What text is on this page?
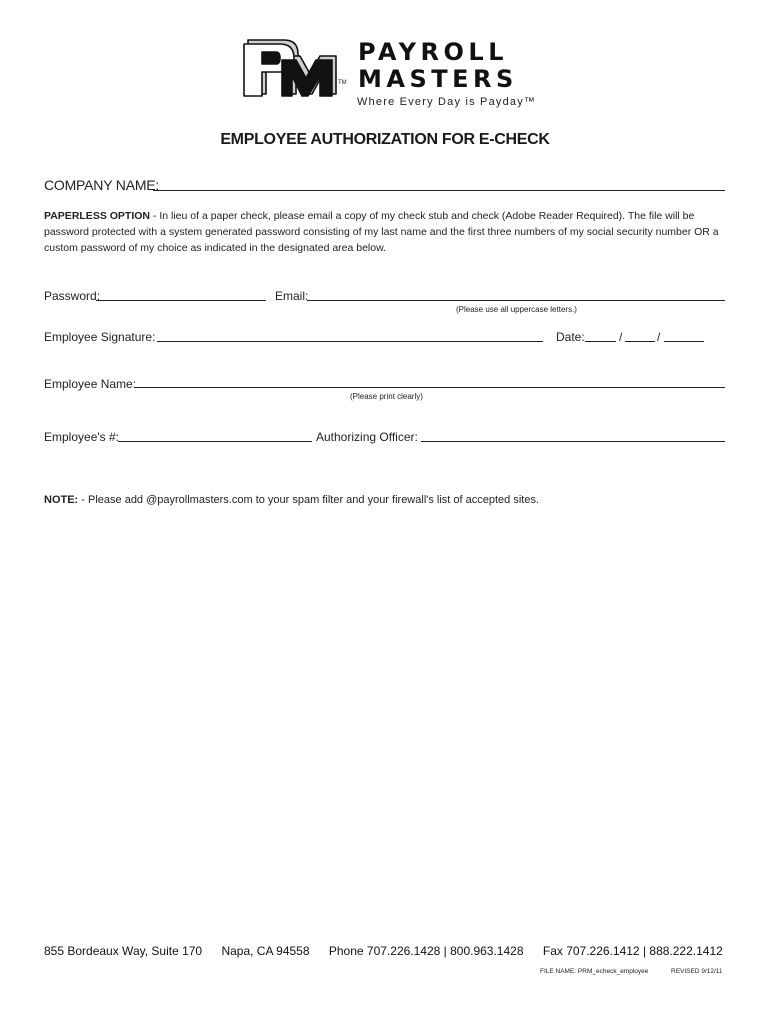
TM
PAYROLL
MASTERS
Where Every Day is Payday™
EMPLOYEE AUTHORIZATION FOR E-CHECK
COMPANY NAME:
PAPERLESS OPTION - In lieu of a paper check, please email a copy of my check stub and check (Adobe Reader Required). The file will be password protected with a system generated password consisting of my last name and the first three numbers of my social security number OR a custom password of my choice as indicated in the designated area below.
Password:	Email:
(Please use all uppercase letters.)
Employee Signature:	Date:	/	/
Employee Name:
(Please print clearly)
Employee's #:	Authorizing Officer:
NOTE: - Please add @payrollmasters.com to your spam filter and your firewall's list of accepted sites.
855 Bordeaux Way, Suite 170 Napa, CA 94558 Phone 707.226.1428 | 800.963.1428 Fax 707.226.1412 | 888.222.1412
FILE NAME: PRM_echeck_employee	REVISED 9/12/11
